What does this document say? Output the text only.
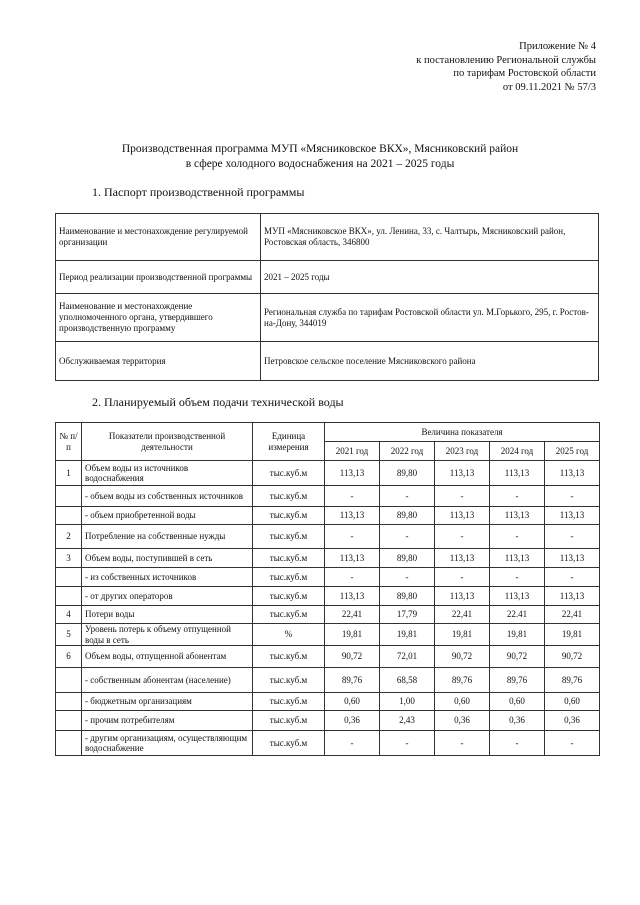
Приложение № 4
к постановлению Региональной службы
по тарифам Ростовской области
от 09.11.2021 № 57/3
Производственная программа МУП «Мясниковское ВКХ», Мясниковский район
в сфере холодного водоснабжения на 2021 – 2025 годы
1. Паспорт производственной программы
Наименование и местонахождение регулируемой организации	МУП «Мясниковское ВКХ», ул. Ленина, 33, с. Чалтырь, Мясниковский район, Ростовская область, 346800
Период реализации производственной программы	2021 – 2025 годы
Наименование и местонахождение уполномоченного органа, утвердившего производственную программу	Региональная служба по тарифам Ростовской области ул. М.Горького, 295, г. Ростов-на-Дону, 344019
Обслуживаемая территория	Петровское сельское поселение Мясниковского района
2. Планируемый объем подачи технической воды
№ п/п	Показатели производственной деятельности	Единица измерения	Величина показателя				
			2021 год	2022 год	2023 год	2024 год	2025 год
1	Объем воды из источников водоснабжения	тыс.куб.м	113,13	89,80	113,13	113,13	113,13
	- объем воды из собственных источников	тыс.куб.м	-	-	-	-	-
	- объем приобретенной воды	тыс.куб.м	113,13	89,80	113,13	113,13	113,13
2	Потребление на собственные нужды	тыс.куб.м	-	-	-	-	-
3	Объем воды, поступившей в сеть	тыс.куб.м	113,13	89,80	113,13	113,13	113,13
	- из собственных источников	тыс.куб.м	-	-	-	-	-
	- от других операторов	тыс.куб.м	113,13	89,80	113,13	113,13	113,13
4	Потери воды	тыс.куб.м	22,41	17,79	22,41	22.41	22,41
5	Уровень потерь к объему отпущенной воды в сеть	%	19,81	19,81	19,81	19,81	19,81
6	Объем воды, отпущенной абонентам	тыс.куб.м	90,72	72,01	90,72	90,72	90,72
	- собственным абонентам (население)	тыс.куб.м	89,76	68,58	89,76	89,76	89,76
	- бюджетным организациям	тыс.куб.м	0,60	1,00	0,60	0,60	0,60
	- прочим потребителям	тыс.куб.м	0,36	2,43	0,36	0,36	0,36
	- другим организациям, осуществляющим водоснабжение	тыс.куб.м	-	-	-	-	-
